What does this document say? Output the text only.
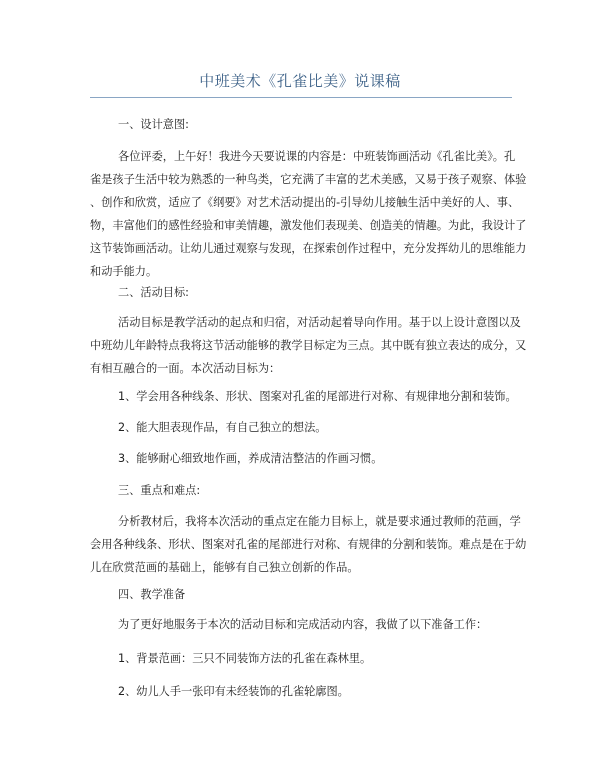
中班美术《孔雀比美》说课稿
一、设计意图:
各位评委，上午好！我进今天要说课的内容是：中班装饰画活动《孔雀比美》。孔
雀是孩子生活中较为熟悉的一种鸟类，它充满了丰富的艺术美感，又易于孩子观察、体验
、创作和欣赏，适应了《纲要》对艺术活动提出的-引导幼儿接触生活中美好的人、事、
物，丰富他们的感性经验和审美情趣，激发他们表现美、创造美的情趣。为此，我设计了
这节装饰画活动。让幼儿通过观察与发现，在探索创作过程中，充分发挥幼儿的思维能力
和动手能力。
二、活动目标:
活动目标是教学活动的起点和归宿，对活动起着导向作用。基于以上设计意图以及
中班幼儿年龄特点我将这节活动能够的教学目标定为三点。其中既有独立表达的成分，又
有相互融合的一面。本次活动目标为：
1、学会用各种线条、形状、图案对孔雀的尾部进行对称、有规律地分割和装饰。
2、能大胆表现作品，有自己独立的想法。
3、能够耐心细致地作画，养成清洁整洁的作画习惯。
三、重点和难点:
分析教材后，我将本次活动的重点定在能力目标上，就是要求通过教师的范画，学
会用各种线条、形状、图案对孔雀的尾部进行对称、有规律的分割和装饰。难点是在于幼
儿在欣赏范画的基础上，能够有自己独立创新的作品。
四、教学准备
为了更好地服务于本次的活动目标和完成活动内容，我做了以下准备工作：
1、背景范画：三只不同装饰方法的孔雀在森林里。
2、幼儿人手一张印有未经装饰的孔雀轮廓图。
